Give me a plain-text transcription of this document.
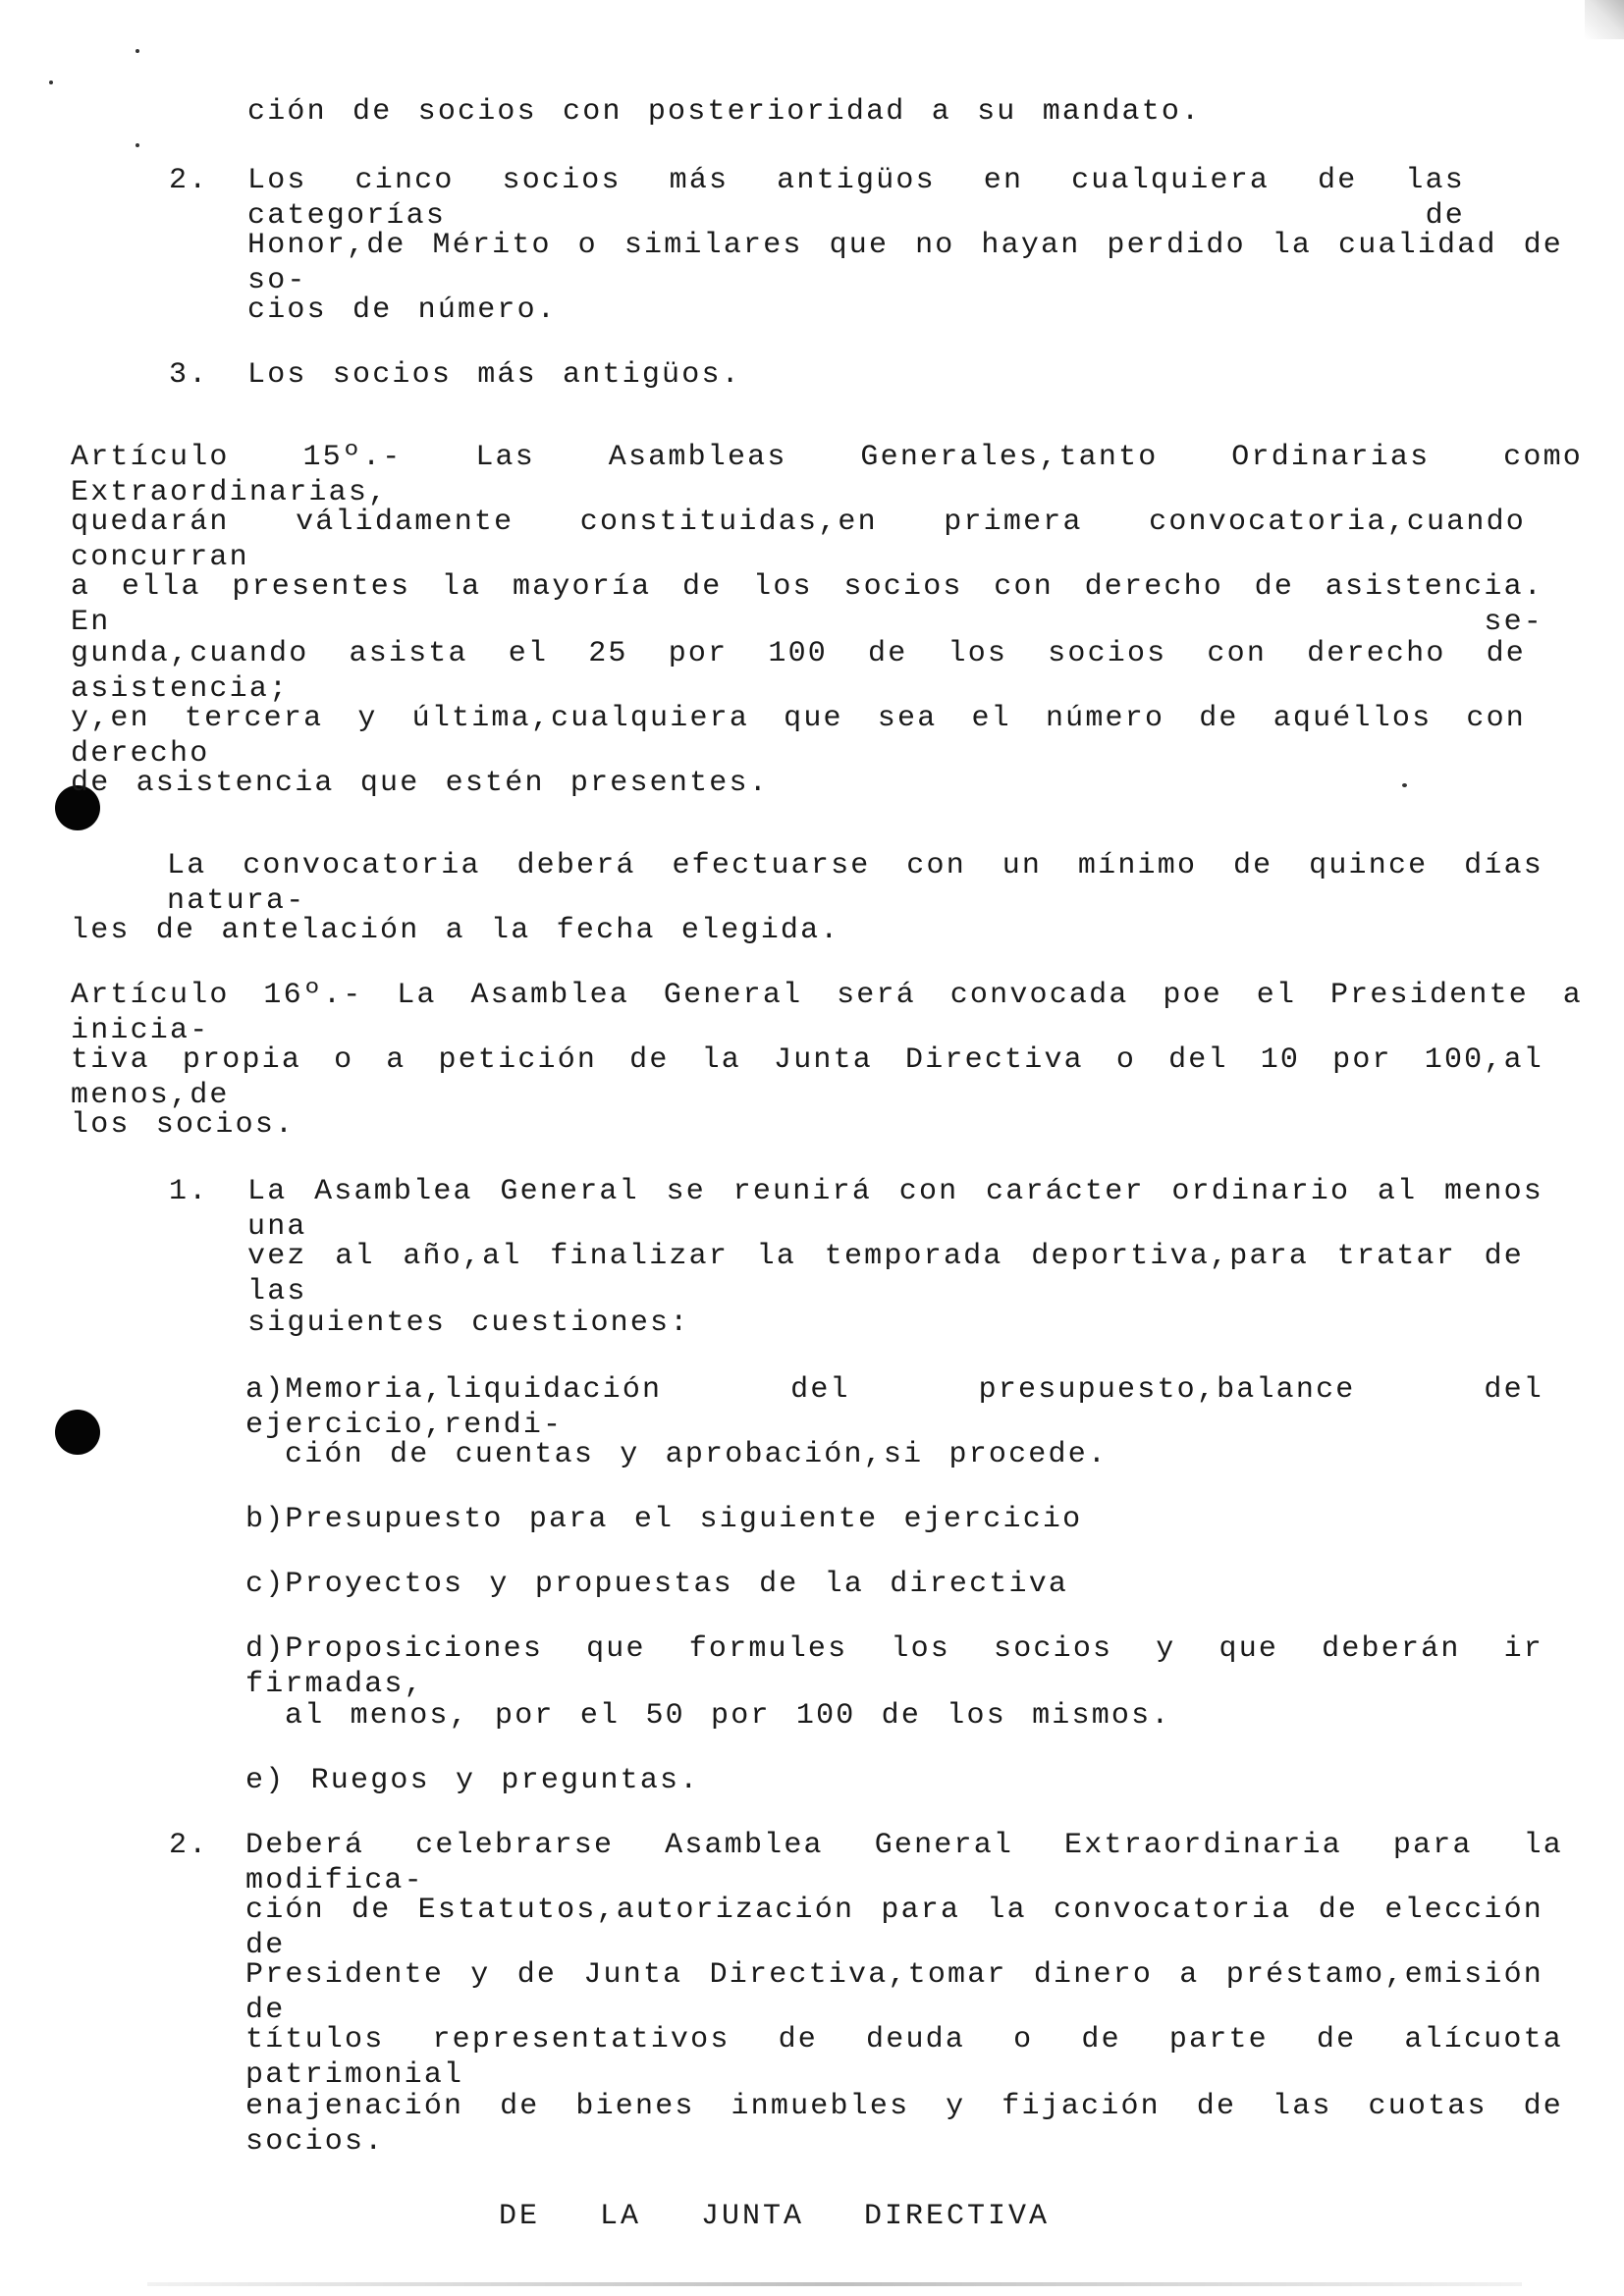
ción de socios con posterioridad a su mandato.

2. Los cinco socios más antigüos en cualquiera de las categorías de

Honor,de Mérito o similares que no hayan perdido la cualidad de so-

cios de número.

3. Los socios más antigüos.

Artículo 15º.- Las Asambleas Generales,tanto Ordinarias como Extraordinarias,

quedarán válidamente constituidas,en primera convocatoria,cuando concurran

a ella presentes la mayoría de los socios con derecho de asistencia. En se-

gunda,cuando asista el 25 por 100 de los socios con derecho de asistencia;

y,en tercera y última,cualquiera que sea el número de aquéllos con derecho

de asistencia que estén presentes.

La convocatoria deberá efectuarse con un mínimo de quince días natura-

les de antelación a la fecha elegida.

Artículo 16º.- La Asamblea General será convocada poe el Presidente a inicia-

tiva propia o a petición de la Junta Directiva o del 10 por 100,al menos,de

los socios.

1. La Asamblea General se reunirá con carácter ordinario al menos una

vez al año,al finalizar la temporada deportiva,para tratar de las

siguientes cuestiones:

a)Memoria,liquidación del presupuesto,balance del ejercicio,rendi-

ción de cuentas y aprobación,si procede.

b)Presupuesto para el siguiente ejercicio

c)Proyectos y propuestas de la directiva

d)Proposiciones que formules los socios y que deberán ir firmadas,

al menos, por el 50 por 100 de los mismos.

e) Ruegos y preguntas.

2. Deberá celebrarse Asamblea General Extraordinaria para la modifica-

ción de Estatutos,autorización para la convocatoria de elección de

Presidente y de Junta Directiva,tomar dinero a préstamo,emisión de

títulos representativos de deuda o de parte de alícuota patrimonial

enajenación de bienes inmuebles y fijación de las cuotas de socios.

DE LA JUNTA DIRECTIVA
